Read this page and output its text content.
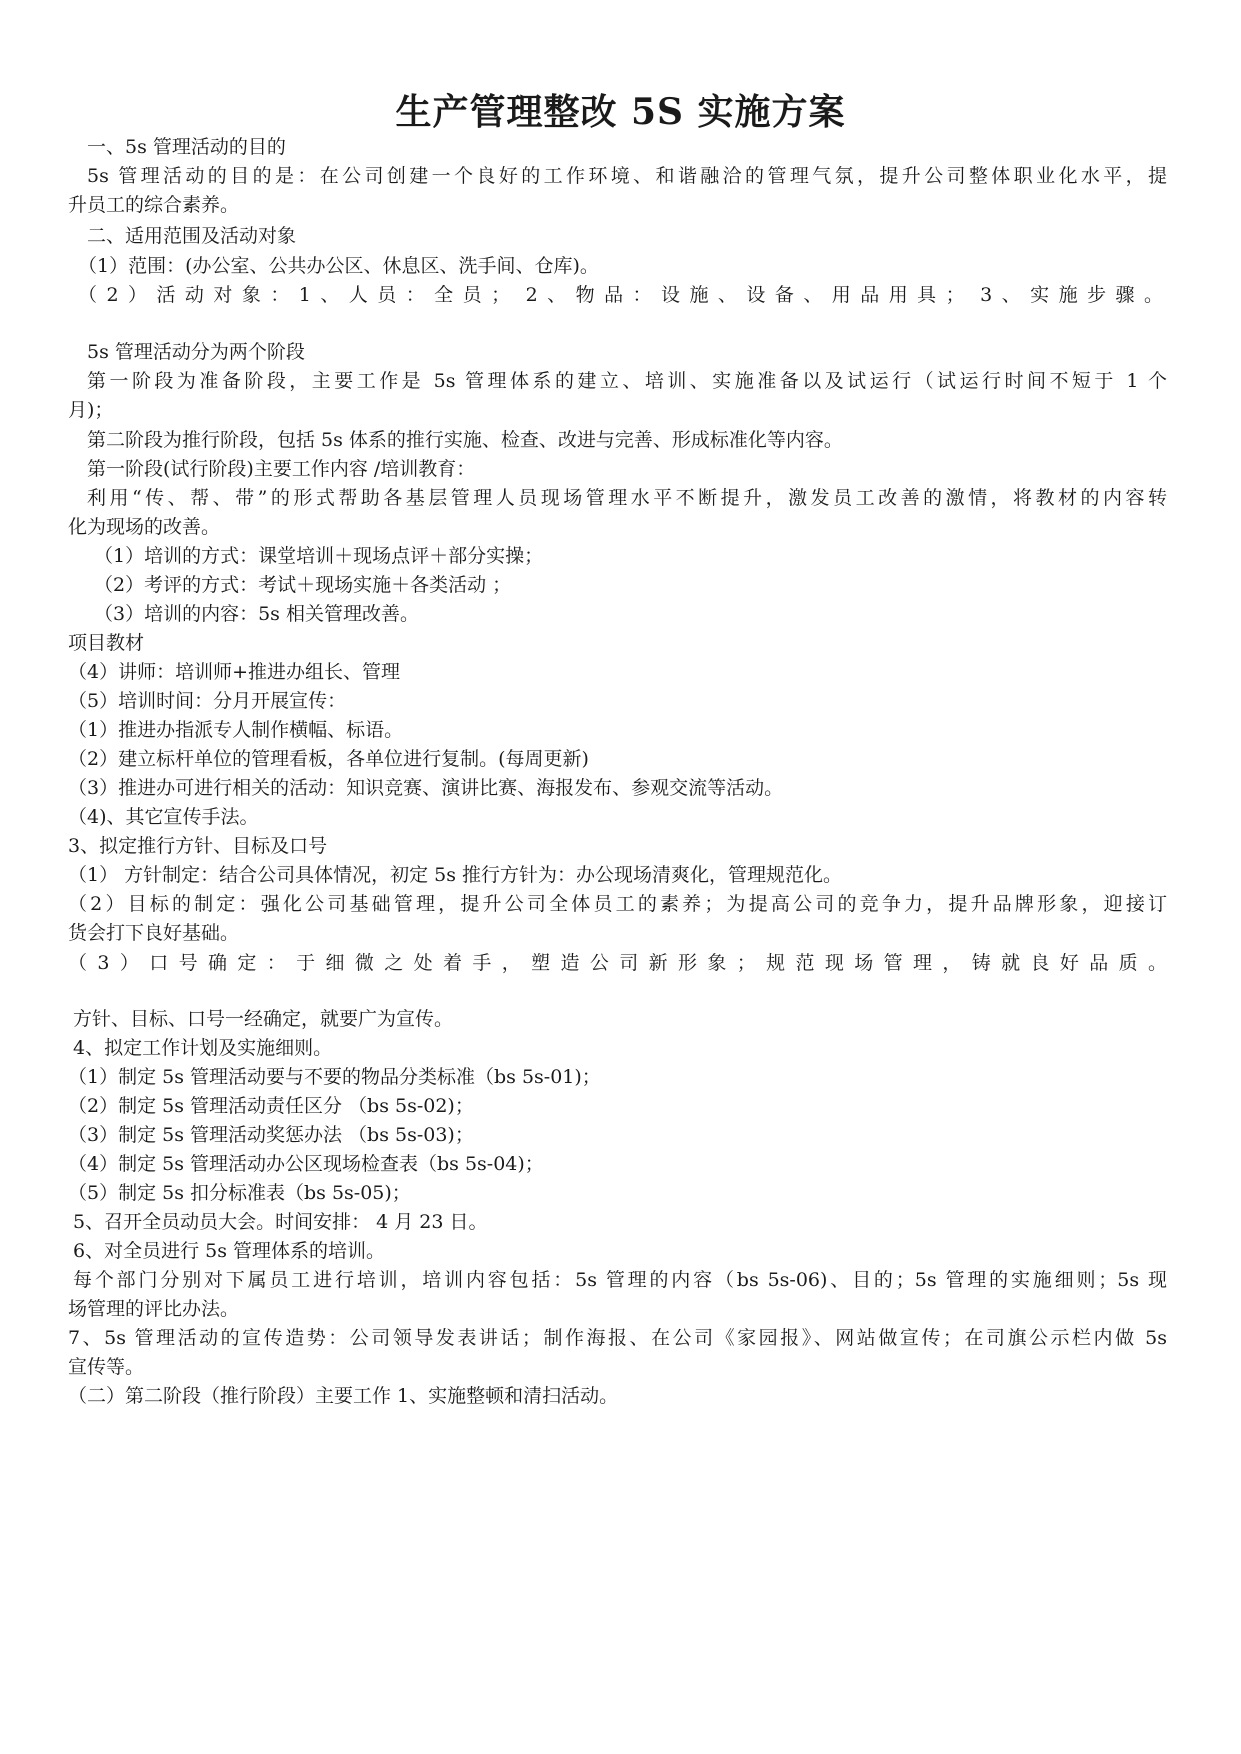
生产管理整改 5S 实施方案
一、5s 管理活动的目的
5s 管理活动的目的是：在公司创建一个良好的工作环境、和谐融洽的管理气氛，提升公司整体职业化水平，提
升员工的综合素养。
二、适用范围及活动对象
（1）范围：(办公室、公共办公区、休息区、洗手间、仓库)。
（2）活动对象：1、人员：全员； 2、物品：设施、设备、用品用具； 3、实施步骤。
5s 管理活动分为两个阶段
第一阶段为准备阶段，主要工作是 5s 管理体系的建立、培训、实施准备以及试运行（试运行时间不短于 1 个
月)；
第二阶段为推行阶段，包括 5s 体系的推行实施、检查、改进与完善、形成标准化等内容。
第一阶段(试行阶段)主要工作内容 /培训教育：
利用“传、帮、带”的形式帮助各基层管理人员现场管理水平不断提升，激发员工改善的激情，将教材的内容转
化为现场的改善。
（1）培训的方式：课堂培训＋现场点评＋部分实操；
（2）考评的方式：考试＋现场实施＋各类活动 ；
（3）培训的内容：5s 相关管理改善。
项目教材
（4）讲师：培训师+推进办组长、管理
（5）培训时间：分月开展宣传：
（1）推进办指派专人制作横幅、标语。
（2）建立标杆单位的管理看板，各单位进行复制。(每周更新)
（3）推进办可进行相关的活动：知识竞赛、演讲比赛、海报发布、参观交流等活动。
（4)、其它宣传手法。
3、拟定推行方针、目标及口号
（1） 方针制定：结合公司具体情况，初定 5s 推行方针为：办公现场清爽化，管理规范化。
（2）目标的制定：强化公司基础管理，提升公司全体员工的素养；为提高公司的竞争力，提升品牌形象，迎接订
货会打下良好基础。
（3）口号确定：于细微之处着手，塑造公司新形象；规范现场管理，铸就良好品质。
方针、目标、口号一经确定，就要广为宣传。
4、拟定工作计划及实施细则。
（1）制定 5s 管理活动要与不要的物品分类标准（bs 5s-01)；
（2）制定 5s 管理活动责任区分 （bs 5s-02)；
（3）制定 5s 管理活动奖惩办法 （bs 5s-03)；
（4）制定 5s 管理活动办公区现场检查表（bs 5s-04)；
（5）制定 5s 扣分标准表（bs 5s-05)；
5、召开全员动员大会。时间安排： 4 月 23 日。
6、对全员进行 5s 管理体系的培训。
每个部门分别对下属员工进行培训，培训内容包括：5s 管理的内容（bs 5s-06)、目的；5s 管理的实施细则；5s 现
场管理的评比办法。
7、5s 管理活动的宣传造势：公司领导发表讲话；制作海报、在公司《家园报》、网站做宣传；在司旗公示栏内做 5s
宣传等。
（二）第二阶段（推行阶段）主要工作 1、实施整顿和清扫活动。
